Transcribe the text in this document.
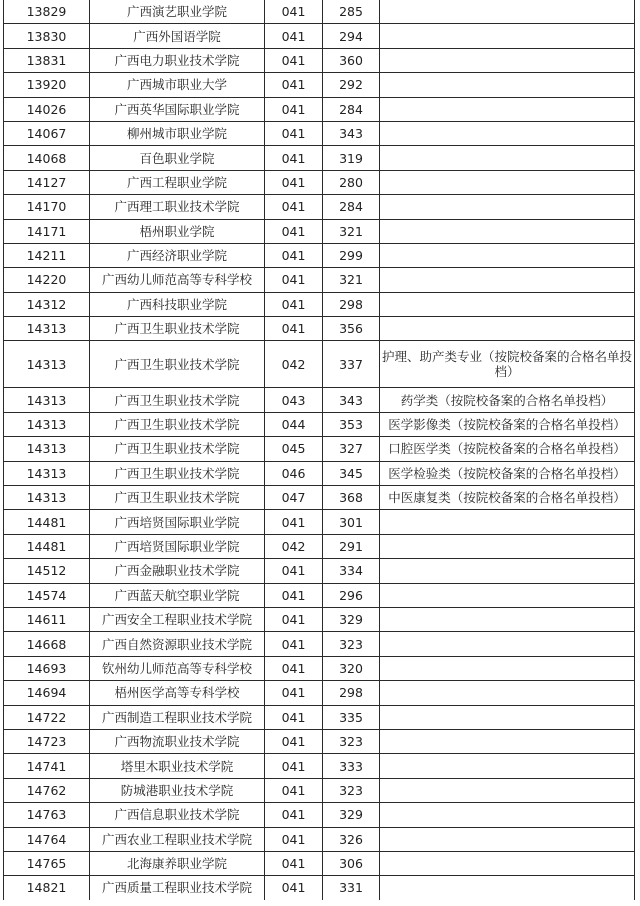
13829	广西演艺职业学院	041	285	
13830	广西外国语学院	041	294	
13831	广西电力职业技术学院	041	360	
13920	广西城市职业大学	041	292	
14026	广西英华国际职业学院	041	284	
14067	柳州城市职业学院	041	343	
14068	百色职业学院	041	319	
14127	广西工程职业学院	041	280	
14170	广西理工职业技术学院	041	284	
14171	梧州职业学院	041	321	
14211	广西经济职业学院	041	299	
14220	广西幼儿师范高等专科学校	041	321	
14312	广西科技职业学院	041	298	
14313	广西卫生职业技术学院	041	356	
14313	广西卫生职业技术学院	042	337	护理、助产类专业（按院校备案的合格名单投档）
14313	广西卫生职业技术学院	043	343	药学类（按院校备案的合格名单投档）
14313	广西卫生职业技术学院	044	353	医学影像类（按院校备案的合格名单投档）
14313	广西卫生职业技术学院	045	327	口腔医学类（按院校备案的合格名单投档）
14313	广西卫生职业技术学院	046	345	医学检验类（按院校备案的合格名单投档）
14313	广西卫生职业技术学院	047	368	中医康复类（按院校备案的合格名单投档）
14481	广西培贤国际职业学院	041	301	
14481	广西培贤国际职业学院	042	291	
14512	广西金融职业技术学院	041	334	
14574	广西蓝天航空职业学院	041	296	
14611	广西安全工程职业技术学院	041	329	
14668	广西自然资源职业技术学院	041	323	
14693	钦州幼儿师范高等专科学校	041	320	
14694	梧州医学高等专科学校	041	298	
14722	广西制造工程职业技术学院	041	335	
14723	广西物流职业技术学院	041	323	
14741	塔里木职业技术学院	041	333	
14762	防城港职业技术学院	041	323	
14763	广西信息职业技术学院	041	329	
14764	广西农业工程职业技术学院	041	326	
14765	北海康养职业学院	041	306	
14821	广西质量工程职业技术学院	041	331	
